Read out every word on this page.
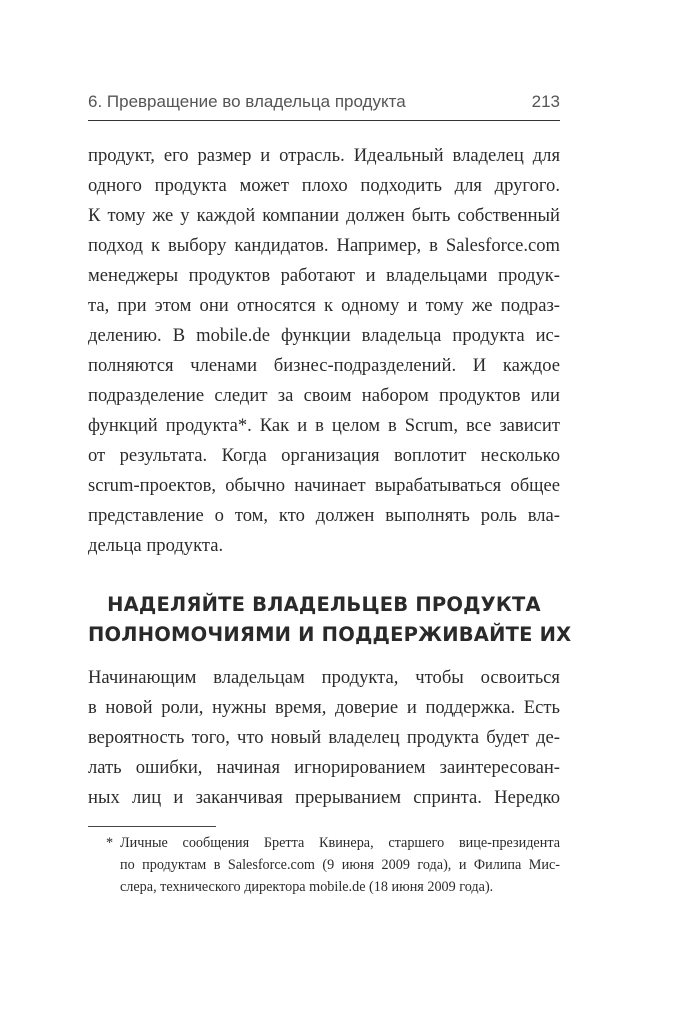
6. Превращение во владельца продукта	213
продукт, его размер и отрасль. Идеальный владелец для
одного продукта может плохо подходить для другого.
К тому же у каждой компании должен быть собственный
подход к выбору кандидатов. Например, в Salesforce.com
менеджеры продуктов работают и владельцами продук-
та, при этом они относятся к одному и тому же подраз-
делению. В mobile.de функции владельца продукта ис-
полняются членами бизнес-подразделений. И каждое
подразделение следит за своим набором продуктов или
функций продукта*. Как и в целом в Scrum, все зависит
от результата. Когда организация воплотит несколько
scrum-проектов, обычно начинает вырабатываться общее
представление о том, кто должен выполнять роль вла-
дельца продукта.
НАДЕЛЯЙТЕ ВЛАДЕЛЬЦЕВ ПРОДУКТА
ПОЛНОМОЧИЯМИ И ПОДДЕРЖИВАЙТЕ ИХ
Начинающим владельцам продукта, чтобы освоиться
в новой роли, нужны время, доверие и поддержка. Есть
вероятность того, что новый владелец продукта будет де-
лать ошибки, начиная игнорированием заинтересован-
ных лиц и заканчивая прерыванием спринта. Нередко
* Личные сообщения Бретта Квинера, старшего вице-президента
по продуктам в Salesforce.com (9 июня 2009 года), и Филипа Мис-
слера, технического директора mobile.de (18 июня 2009 года).
